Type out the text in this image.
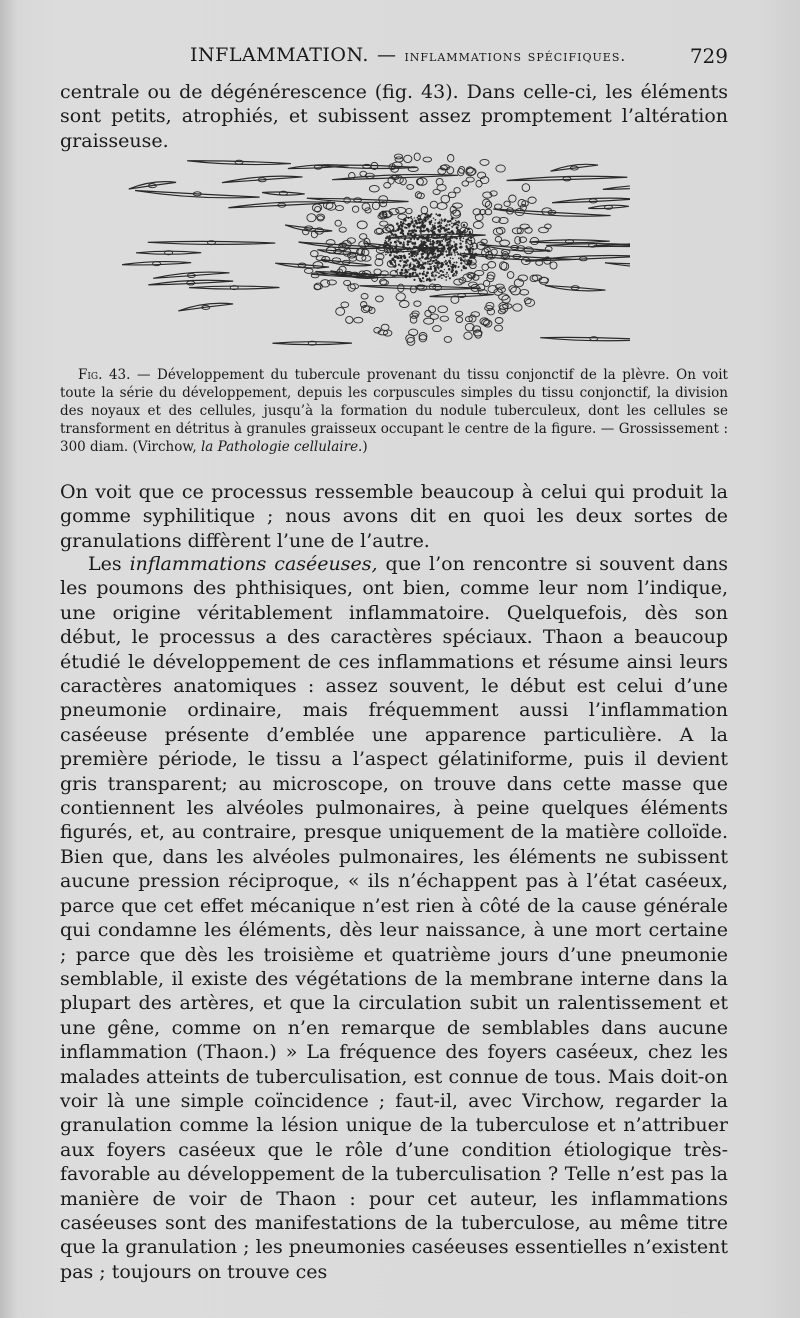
INFLAMMATION. — inflammations spécifiques.	729

centrale ou de dégénérescence (fig. 43). Dans celle-ci, les éléments sont petits, atrophiés, et subissent assez promptement l’altération graisseuse.

Fig. 43. — Développement du tubercule provenant du tissu conjonctif de la plèvre. On voit toute la série du développement, depuis les corpuscules simples du tissu conjonctif, la division des noyaux et des cellules, jusqu’à la formation du nodule tuberculeux, dont les cellules se transforment en détritus à granules graisseux occupant le centre de la figure. — Grossissement : 300 diam. (Virchow, la Pathologie cellulaire.)

On voit que ce processus ressemble beaucoup à celui qui produit la gomme syphilitique ; nous avons dit en quoi les deux sortes de granulations diffèrent l’une de l’autre.

Les inflammations caséeuses, que l’on rencontre si souvent dans les poumons des phthisiques, ont bien, comme leur nom l’indique, une origine véritablement inflammatoire. Quelquefois, dès son début, le processus a des caractères spéciaux. Thaon a beaucoup étudié le développement de ces inflammations et résume ainsi leurs caractères anatomiques : assez souvent, le début est celui d’une pneumonie ordinaire, mais fréquemment aussi l’inflammation caséeuse présente d’emblée une apparence particulière. A la première période, le tissu a l’aspect gélatiniforme, puis il devient gris transparent; au microscope, on trouve dans cette masse que contiennent les alvéoles pulmonaires, à peine quelques éléments figurés, et, au contraire, presque uniquement de la matière colloïde. Bien que, dans les alvéoles pulmonaires, les éléments ne subissent aucune pression réciproque, « ils n’échappent pas à l’état caséeux, parce que cet effet mécanique n’est rien à côté de la cause générale qui condamne les éléments, dès leur naissance, à une mort certaine ; parce que dès les troisième et quatrième jours d’une pneumonie semblable, il existe des végétations de la membrane interne dans la plupart des artères, et que la circulation subit un ralentissement et une gêne, comme on n’en remarque de semblables dans aucune inflammation (Thaon.) » La fréquence des foyers caséeux, chez les malades atteints de tuberculisation, est connue de tous. Mais doit-on voir là une simple coïncidence ; faut-il, avec Virchow, regarder la granulation comme la lésion unique de la tuberculose et n’attribuer aux foyers caséeux que le rôle d’une condition étiologique très-favorable au développement de la tuberculisation ? Telle n’est pas la manière de voir de Thaon : pour cet auteur, les inflammations caséeuses sont des manifestations de la tuberculose, au même titre que la granulation ; les pneumonies caséeuses essentielles n’existent pas ; toujours on trouve ces
